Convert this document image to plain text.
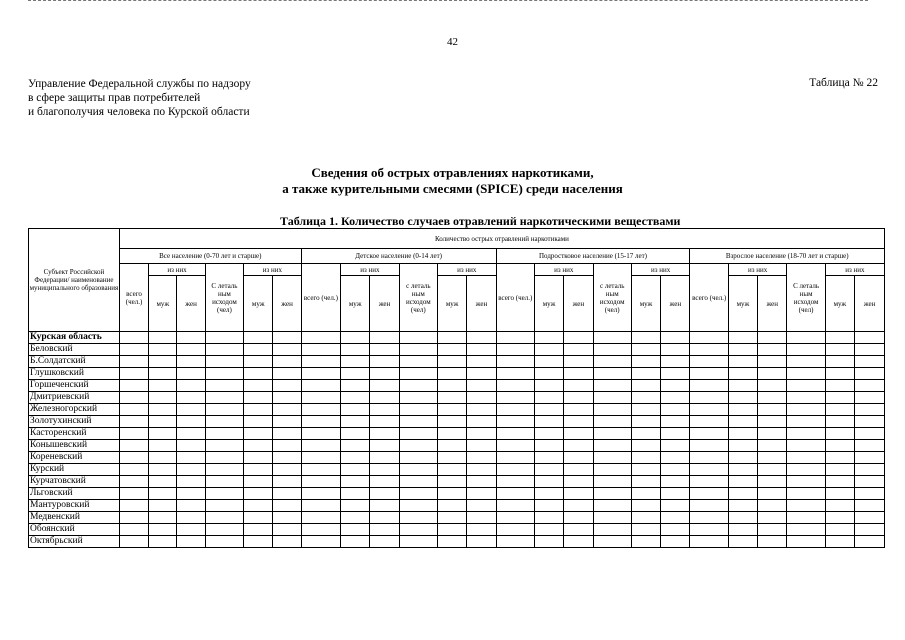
42
Управление Федеральной службы по надзору
в сфере защиты прав потребителей
и благополучия человека по Курской области
Таблица № 22
Сведения об острых отравлениях наркотиками,
а также курительными смесями (SPICE) среди населения
Таблица 1. Количество случаев отравлений наркотическими веществами
Субъект Российской Федерации/ наименование муниципального образования	Количество острых отравлений наркотиками																							
	Все население (0-70 лет и старше)						Детское население (0-14 лет)						Подростковое население (15-17 лет)						Взрослое население (18-70 лет и старше)					
	всего (чел.)	из них		С леталь ным исходом (чел)	из них		всего (чел.)	из них		с леталь ным исходом (чел)	из них		всего (чел.)	из них		с леталь ным исходом (чел)	из них		всего (чел.)	из них		С леталь ным исходом (чел)	из них	
		муж	жен		муж	жен		муж	жен		муж	жен		муж	жен		муж	жен		муж	жен		муж	жен
Курская область																								
Беловский																								
Б.Солдатский																								
Глушковский																								
Горшеченский																								
Дмитриевский																								
Железногорский																								
Золотухинский																								
Касторенский																								
Конышевский																								
Кореневский																								
Курский																								
Курчатовский																								
Льговский																								
Мантуровский																								
Медвенский																								
Обоянский																								
Октябрьский																								
